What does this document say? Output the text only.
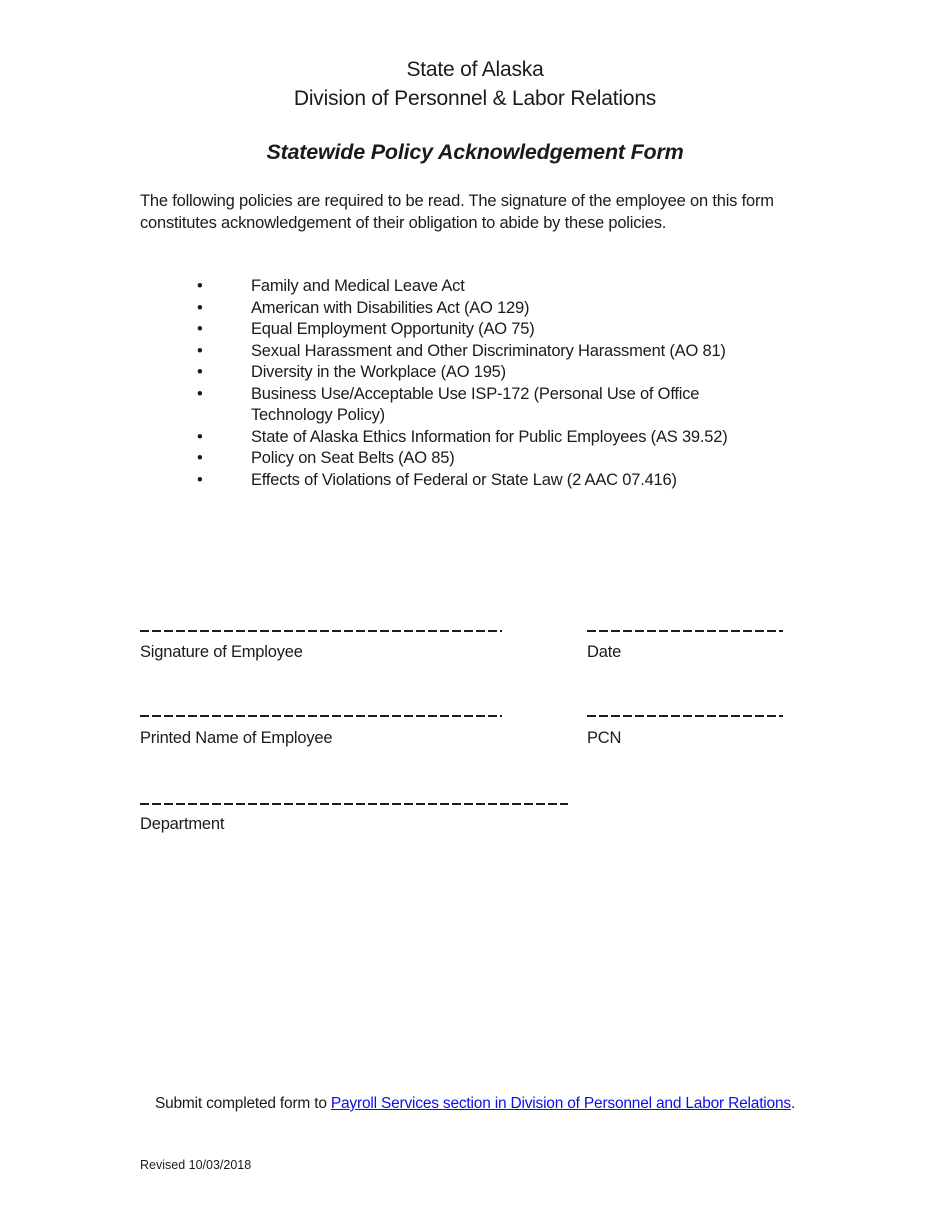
State of Alaska
Division of Personnel & Labor Relations
Statewide Policy Acknowledgement Form

The following policies are required to be read. The signature of the employee on this form constitutes acknowledgement of their obligation to abide by these policies.

• Family and Medical Leave Act
• American with Disabilities Act (AO 129)
• Equal Employment Opportunity (AO 75)
• Sexual Harassment and Other Discriminatory Harassment (AO 81)
• Diversity in the Workplace (AO 195)
• Business Use/Acceptable Use ISP-172 (Personal Use of Office Technology Policy)
• State of Alaska Ethics Information for Public Employees (AS 39.52)
• Policy on Seat Belts (AO 85)
• Effects of Violations of Federal or State Law (2 AAC 07.416)
Signature of Employee	Date
Printed Name of Employee	PCN
Department
Submit completed form to Payroll Services section in Division of Personnel and Labor Relations.
Revised 10/03/2018
